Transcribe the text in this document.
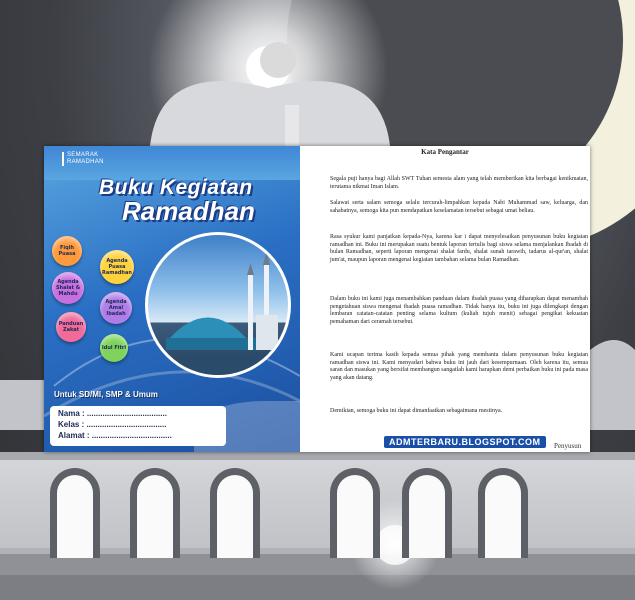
SEMARAK
RAMADHAN
Buku Kegiatan
Ramadhan
Fiqih Puasa
Agenda Puasa Ramadhan
Agenda Shalat & Mahdu
Agenda Amal Ibadah
Panduan Zakat
Idul Fitri
Untuk SD/MI, SMP & Umum
Nama : ....................................
Kelas : ....................................
Alamat : ....................................
Kata Pengantar
Segala puji hanya bagi Allah SWT Tuhan semesta alam yang telah memberikan kita berbagai kenikmatan, terutama nikmat Iman Islam.
Salawat serta salam semoga selalu tercurah-limpahkan kepada Nabi Muhammad saw, keluarga, dan sahabatnya, semoga kita pun mendapatkan keselamatan tersebut sebagai umat beliau.
Rasa syukur kami panjatkan kepada-Nya, karena kar i dapat menyelesaikan penyusunan buku kegiatan ramadhan ini. Buku ini merupakan suatu bentuk laporan tertulis bagi siswa selama menjalankan Ibadah di bulan Ramadhan, seperti laporan mengenai shalat fardu, shalat sunah tarawih, tadarus al-qur'an, shalat jum'at, maupun laporan mengenai kegiatan tambahan selama bulan Ramadhan.
Dalam buku ini kami juga menambahkan panduan dalam ibadah puasa yang diharapkan dapat menambah pengetahuan siswa mengenai ibadah puasa ramadhan. Tidak hanya itu, buku ini juga dilengkapi dengan lembaran catatan-catatan penting selama kultum (kuliah tujuh menit) sebagai pengikat kekuatan pemahaman dari ceramah tersebut.
Kami ucapan terima kasih kepada semua pihak yang membantu dalam penyusunan buku kegiatan ramadhan siswa ini. Kami menyadari bahwa buku ini jauh dari kesempurnaan. Oleh karena itu, semua saran dan masukan yang bersifat membangun sangatlah kami harapkan demi perbaikan buku ini pada masa yang akan datang.
Demikian, semoga buku ini dapat dimanfaatkan sebagaimana mestinya.
ADMTERBARU.BLOGSPOT.COM	Penyusun
